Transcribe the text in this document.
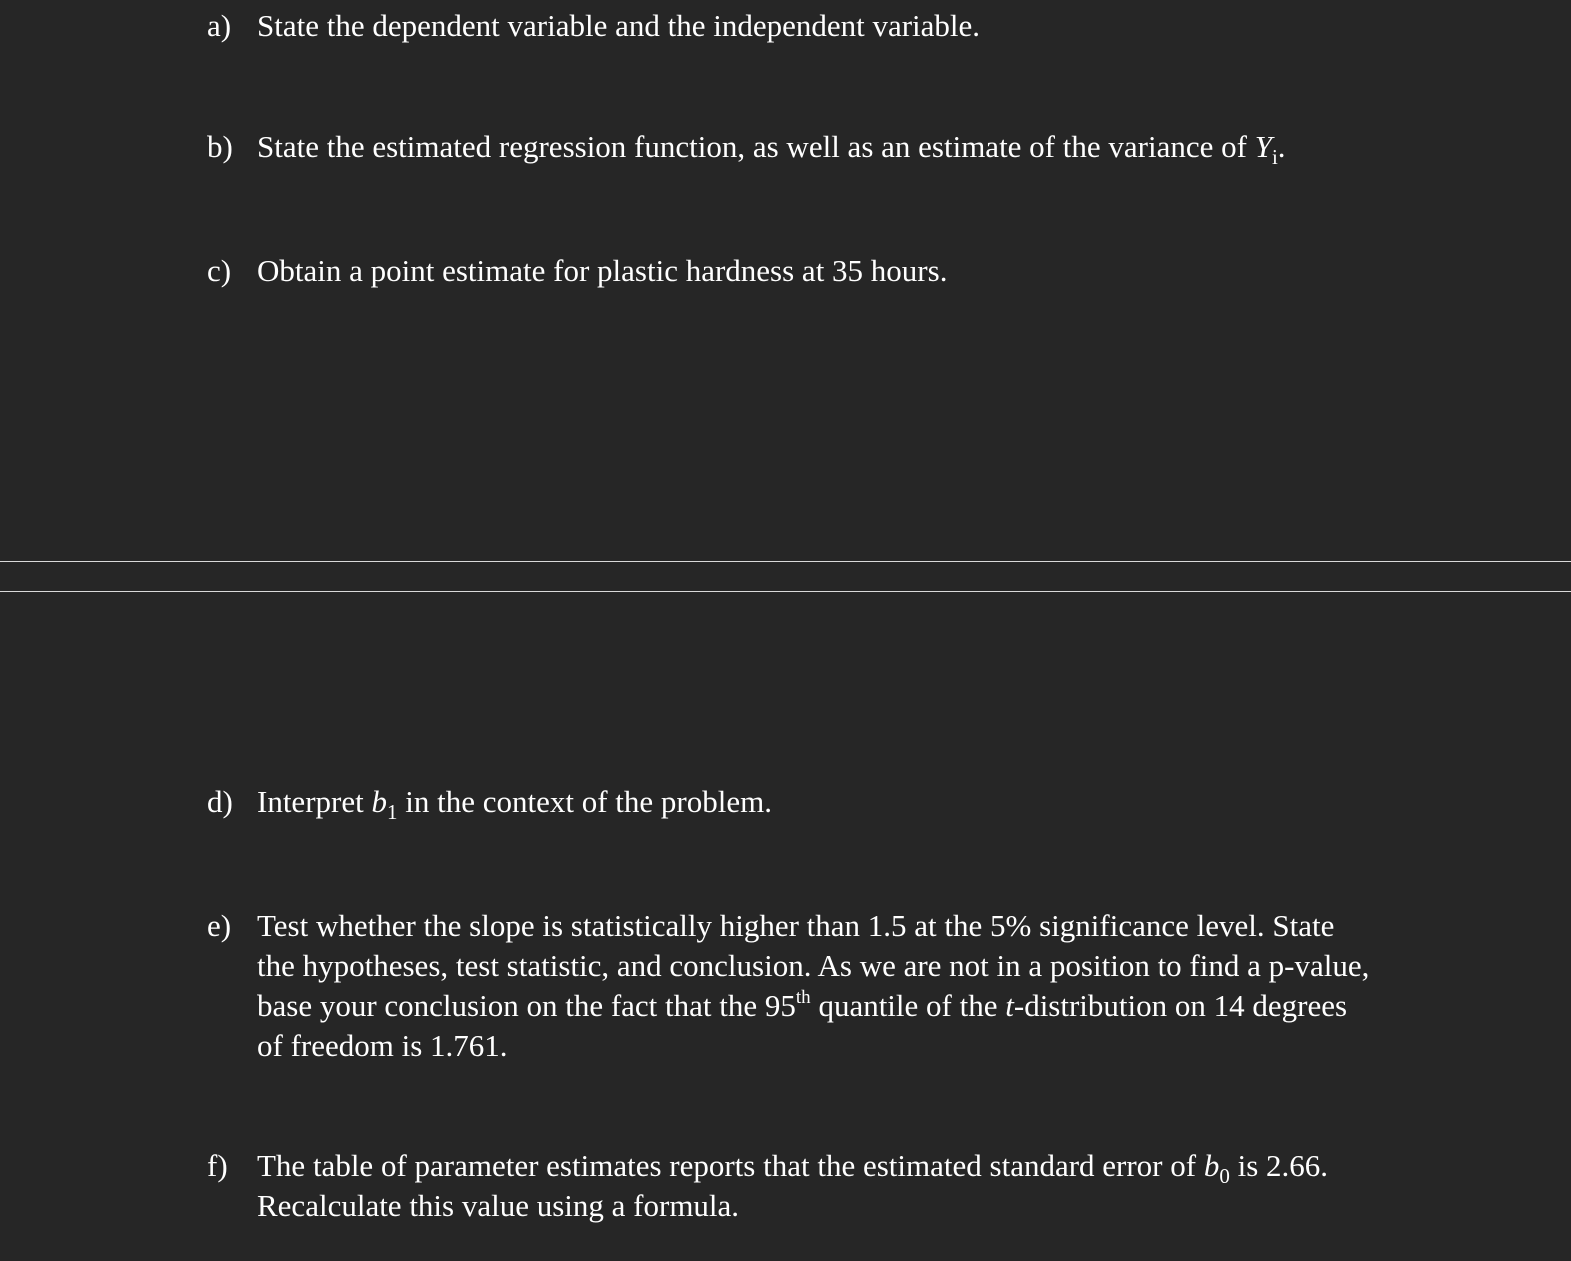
a) State the dependent variable and the independent variable.
b) State the estimated regression function, as well as an estimate of the variance of $Y_i$.
c) Obtain a point estimate for plastic hardness at 35 hours.
d) Interpret $b_1$ in the context of the problem.
e) Test whether the slope is statistically higher than 1.5 at the 5% significance level. State the hypotheses, test statistic, and conclusion. As we are not in a position to find a p-value, base your conclusion on the fact that the 95th quantile of the t-distribution on 14 degrees of freedom is 1.761.
f) The table of parameter estimates reports that the estimated standard error of $b_0$ is 2.66.
Recalculate this value using a formula.
